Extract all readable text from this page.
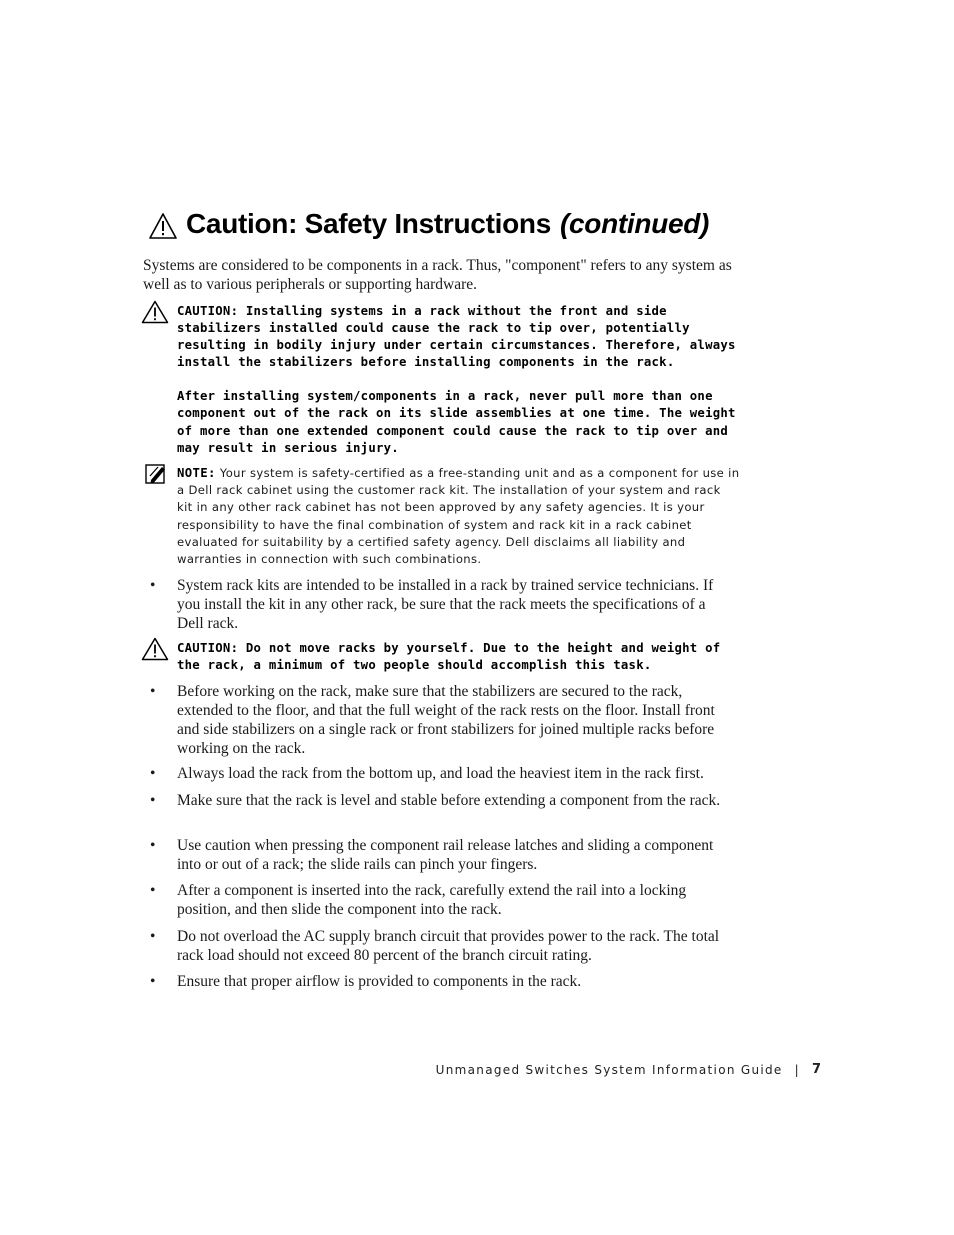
Caution: Safety Instructions (continued)
Systems are considered to be components in a rack. Thus, "component" refers to any system as well as to various peripherals or supporting hardware.

CAUTION: Installing systems in a rack without the front and side stabilizers installed could cause the rack to tip over, potentially resulting in bodily injury under certain circumstances. Therefore, always install the stabilizers before installing components in the rack.

After installing system/components in a rack, never pull more than one component out of the rack on its slide assemblies at one time. The weight of more than one extended component could cause the rack to tip over and may result in serious injury.

NOTE: Your system is safety-certified as a free-standing unit and as a component for use in a Dell rack cabinet using the customer rack kit. The installation of your system and rack kit in any other rack cabinet has not been approved by any safety agencies. It is your responsibility to have the final combination of system and rack kit in a rack cabinet evaluated for suitability by a certified safety agency. Dell disclaims all liability and warranties in connection with such combinations.
• System rack kits are intended to be installed in a rack by trained service technicians. If you install the kit in any other rack, be sure that the rack meets the specifications of a Dell rack.

CAUTION: Do not move racks by yourself. Due to the height and weight of the rack, a minimum of two people should accomplish this task.

• Before working on the rack, make sure that the stabilizers are secured to the rack, extended to the floor, and that the full weight of the rack rests on the floor. Install front and side stabilizers on a single rack or front stabilizers for joined multiple racks before working on the rack.
• Always load the rack from the bottom up, and load the heaviest item in the rack first.
• Make sure that the rack is level and stable before extending a component from the rack.
• Use caution when pressing the component rail release latches and sliding a component into or out of a rack; the slide rails can pinch your fingers.
• After a component is inserted into the rack, carefully extend the rail into a locking position, and then slide the component into the rack.
• Do not overload the AC supply branch circuit that provides power to the rack. The total rack load should not exceed 80 percent of the branch circuit rating.
• Ensure that proper airflow is provided to components in the rack.
Unmanaged Switches System Information Guide | 7
